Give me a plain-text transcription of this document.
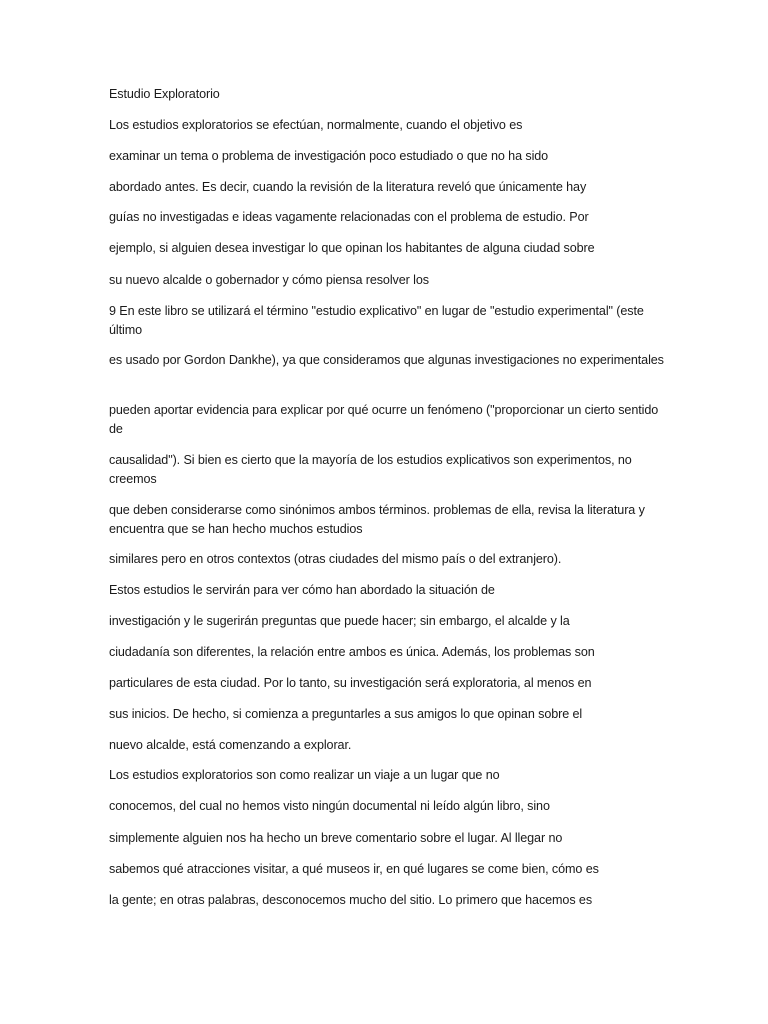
Estudio Exploratorio
Los estudios exploratorios se efectúan, normalmente, cuando el objetivo es
examinar un tema o problema de investigación poco estudiado o que no ha sido
abordado antes. Es decir, cuando la revisión de la literatura reveló que únicamente hay
guías no investigadas e ideas vagamente relacionadas con el problema de estudio. Por
ejemplo, si alguien desea investigar lo que opinan los habitantes de alguna ciudad sobre
su nuevo alcalde o gobernador y cómo piensa resolver los
9 En este libro se utilizará el término "estudio explicativo" en lugar de "estudio experimental" (este último
es usado por Gordon Dankhe), ya que consideramos que algunas investigaciones no experimentales
pueden aportar evidencia para explicar por qué ocurre un fenómeno ("proporcionar un cierto sentido de
causalidad"). Si bien es cierto que la mayoría de los estudios explicativos son experimentos, no creemos
que deben considerarse como sinónimos ambos términos. problemas de ella, revisa la literatura y encuentra que se han hecho muchos estudios
similares pero en otros contextos (otras ciudades del mismo país o del extranjero).
Estos estudios le servirán para ver cómo han abordado la situación de
investigación y le sugerirán preguntas que puede hacer; sin embargo, el alcalde y la
ciudadanía son diferentes, la relación entre ambos es única. Además, los problemas son
particulares de esta ciudad. Por lo tanto, su investigación será exploratoria, al menos en
sus inicios. De hecho, si comienza a preguntarles a sus amigos lo que opinan sobre el
nuevo alcalde, está comenzando a explorar.
Los estudios exploratorios son como realizar un viaje a un lugar que no
conocemos, del cual no hemos visto ningún documental ni leído algún libro, sino
simplemente alguien nos ha hecho un breve comentario sobre el lugar. Al llegar no
sabemos qué atracciones visitar, a qué museos ir, en qué lugares se come bien, cómo es
la gente; en otras palabras, desconocemos mucho del sitio. Lo primero que hacemos es
